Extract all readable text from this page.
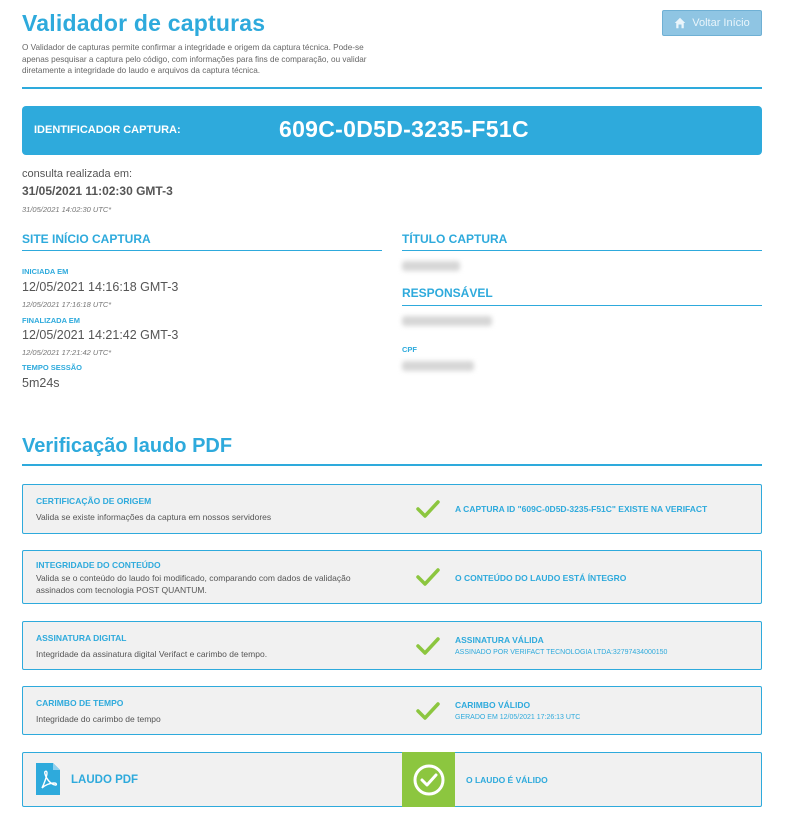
Validador de capturas

O Validador de capturas permite confirmar a integridade e origem da captura técnica. Pode-se apenas pesquisar a captura pelo código, com informações para fins de comparação, ou validar diretamente a integridade do laudo e arquivos da captura técnica.

Voltar Início
IDENTIFICADOR CAPTURA:	609C-0D5D-3235-F51C
consulta realizada em:
31/05/2021 11:02:30 GMT-3
31/05/2021 14:02:30 UTC*
SITE INÍCIO CAPTURA
INICIADA EM
12/05/2021 14:16:18 GMT-3
12/05/2021 17:16:18 UTC*
FINALIZADA EM
12/05/2021 14:21:42 GMT-3
12/05/2021 17:21:42 UTC*
TEMPO SESSÃO
5m24s
TÍTULO CAPTURA
RESPONSÁVEL
CPF
Verificação laudo PDF
CERTIFICAÇÃO DE ORIGEM
Valida se existe informações da captura em nossos servidores
A CAPTURA ID "609C-0D5D-3235-F51C" EXISTE NA VERIFACT
INTEGRIDADE DO CONTEÚDO
Valida se o conteúdo do laudo foi modificado, comparando com dados de validação assinados com tecnologia POST QUANTUM.
O CONTEÚDO DO LAUDO ESTÁ ÍNTEGRO
ASSINATURA DIGITAL
Integridade da assinatura digital Verifact e carimbo de tempo.
ASSINATURA VÁLIDA
ASSINADO POR VERIFACT TECNOLOGIA LTDA:32797434000150
CARIMBO DE TEMPO
Integridade do carimbo de tempo
CARIMBO VÁLIDO
GERADO EM 12/05/2021 17:26:13 UTC
LAUDO PDF	O LAUDO É VÁLIDO
